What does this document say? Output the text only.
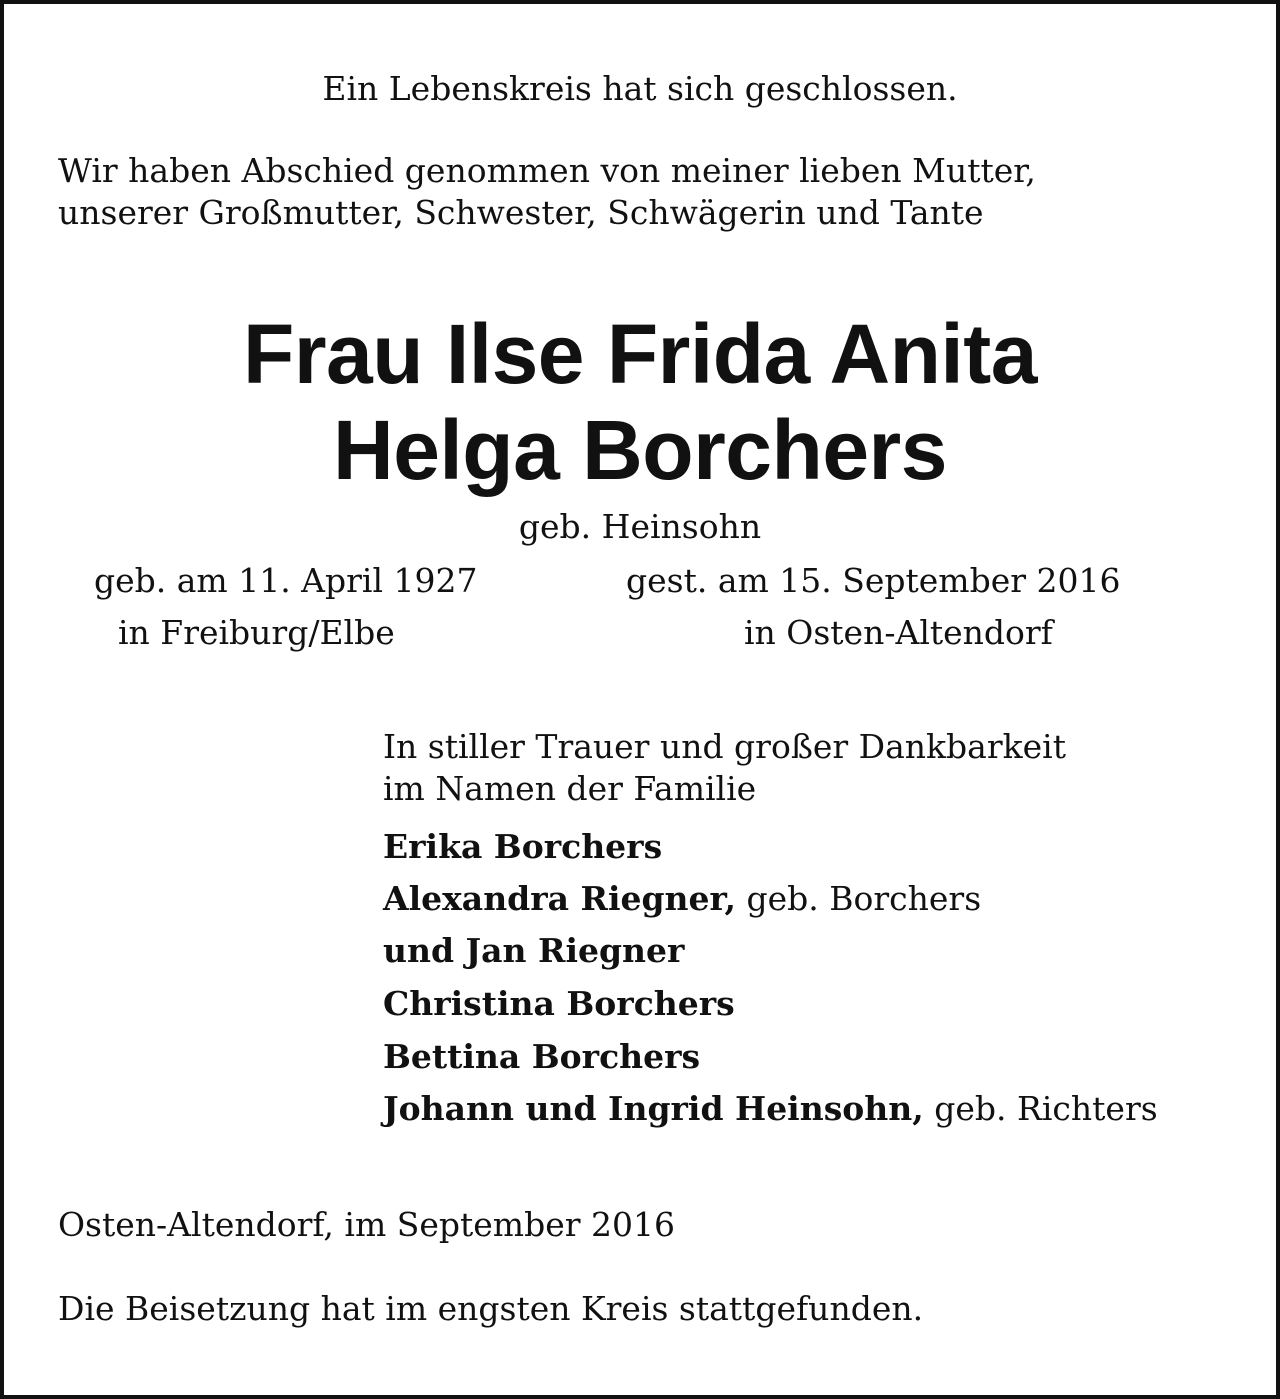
Ein Lebenskreis hat sich geschlossen.
Wir haben Abschied genommen von meiner lieben Mutter,
unserer Großmutter, Schwester, Schwägerin und Tante
Frau Ilse Frida Anita
Helga Borchers
geb. Heinsohn
geb. am 11. April 1927
in Freiburg/Elbe
gest. am 15. September 2016
in Osten-Altendorf
In stiller Trauer und großer Dankbarkeit
im Namen der Familie
Erika Borchers
Alexandra Riegner, geb. Borchers
und Jan Riegner
Christina Borchers
Bettina Borchers
Johann und Ingrid Heinsohn, geb. Richters
Osten-Altendorf, im September 2016
Die Beisetzung hat im engsten Kreis stattgefunden.
